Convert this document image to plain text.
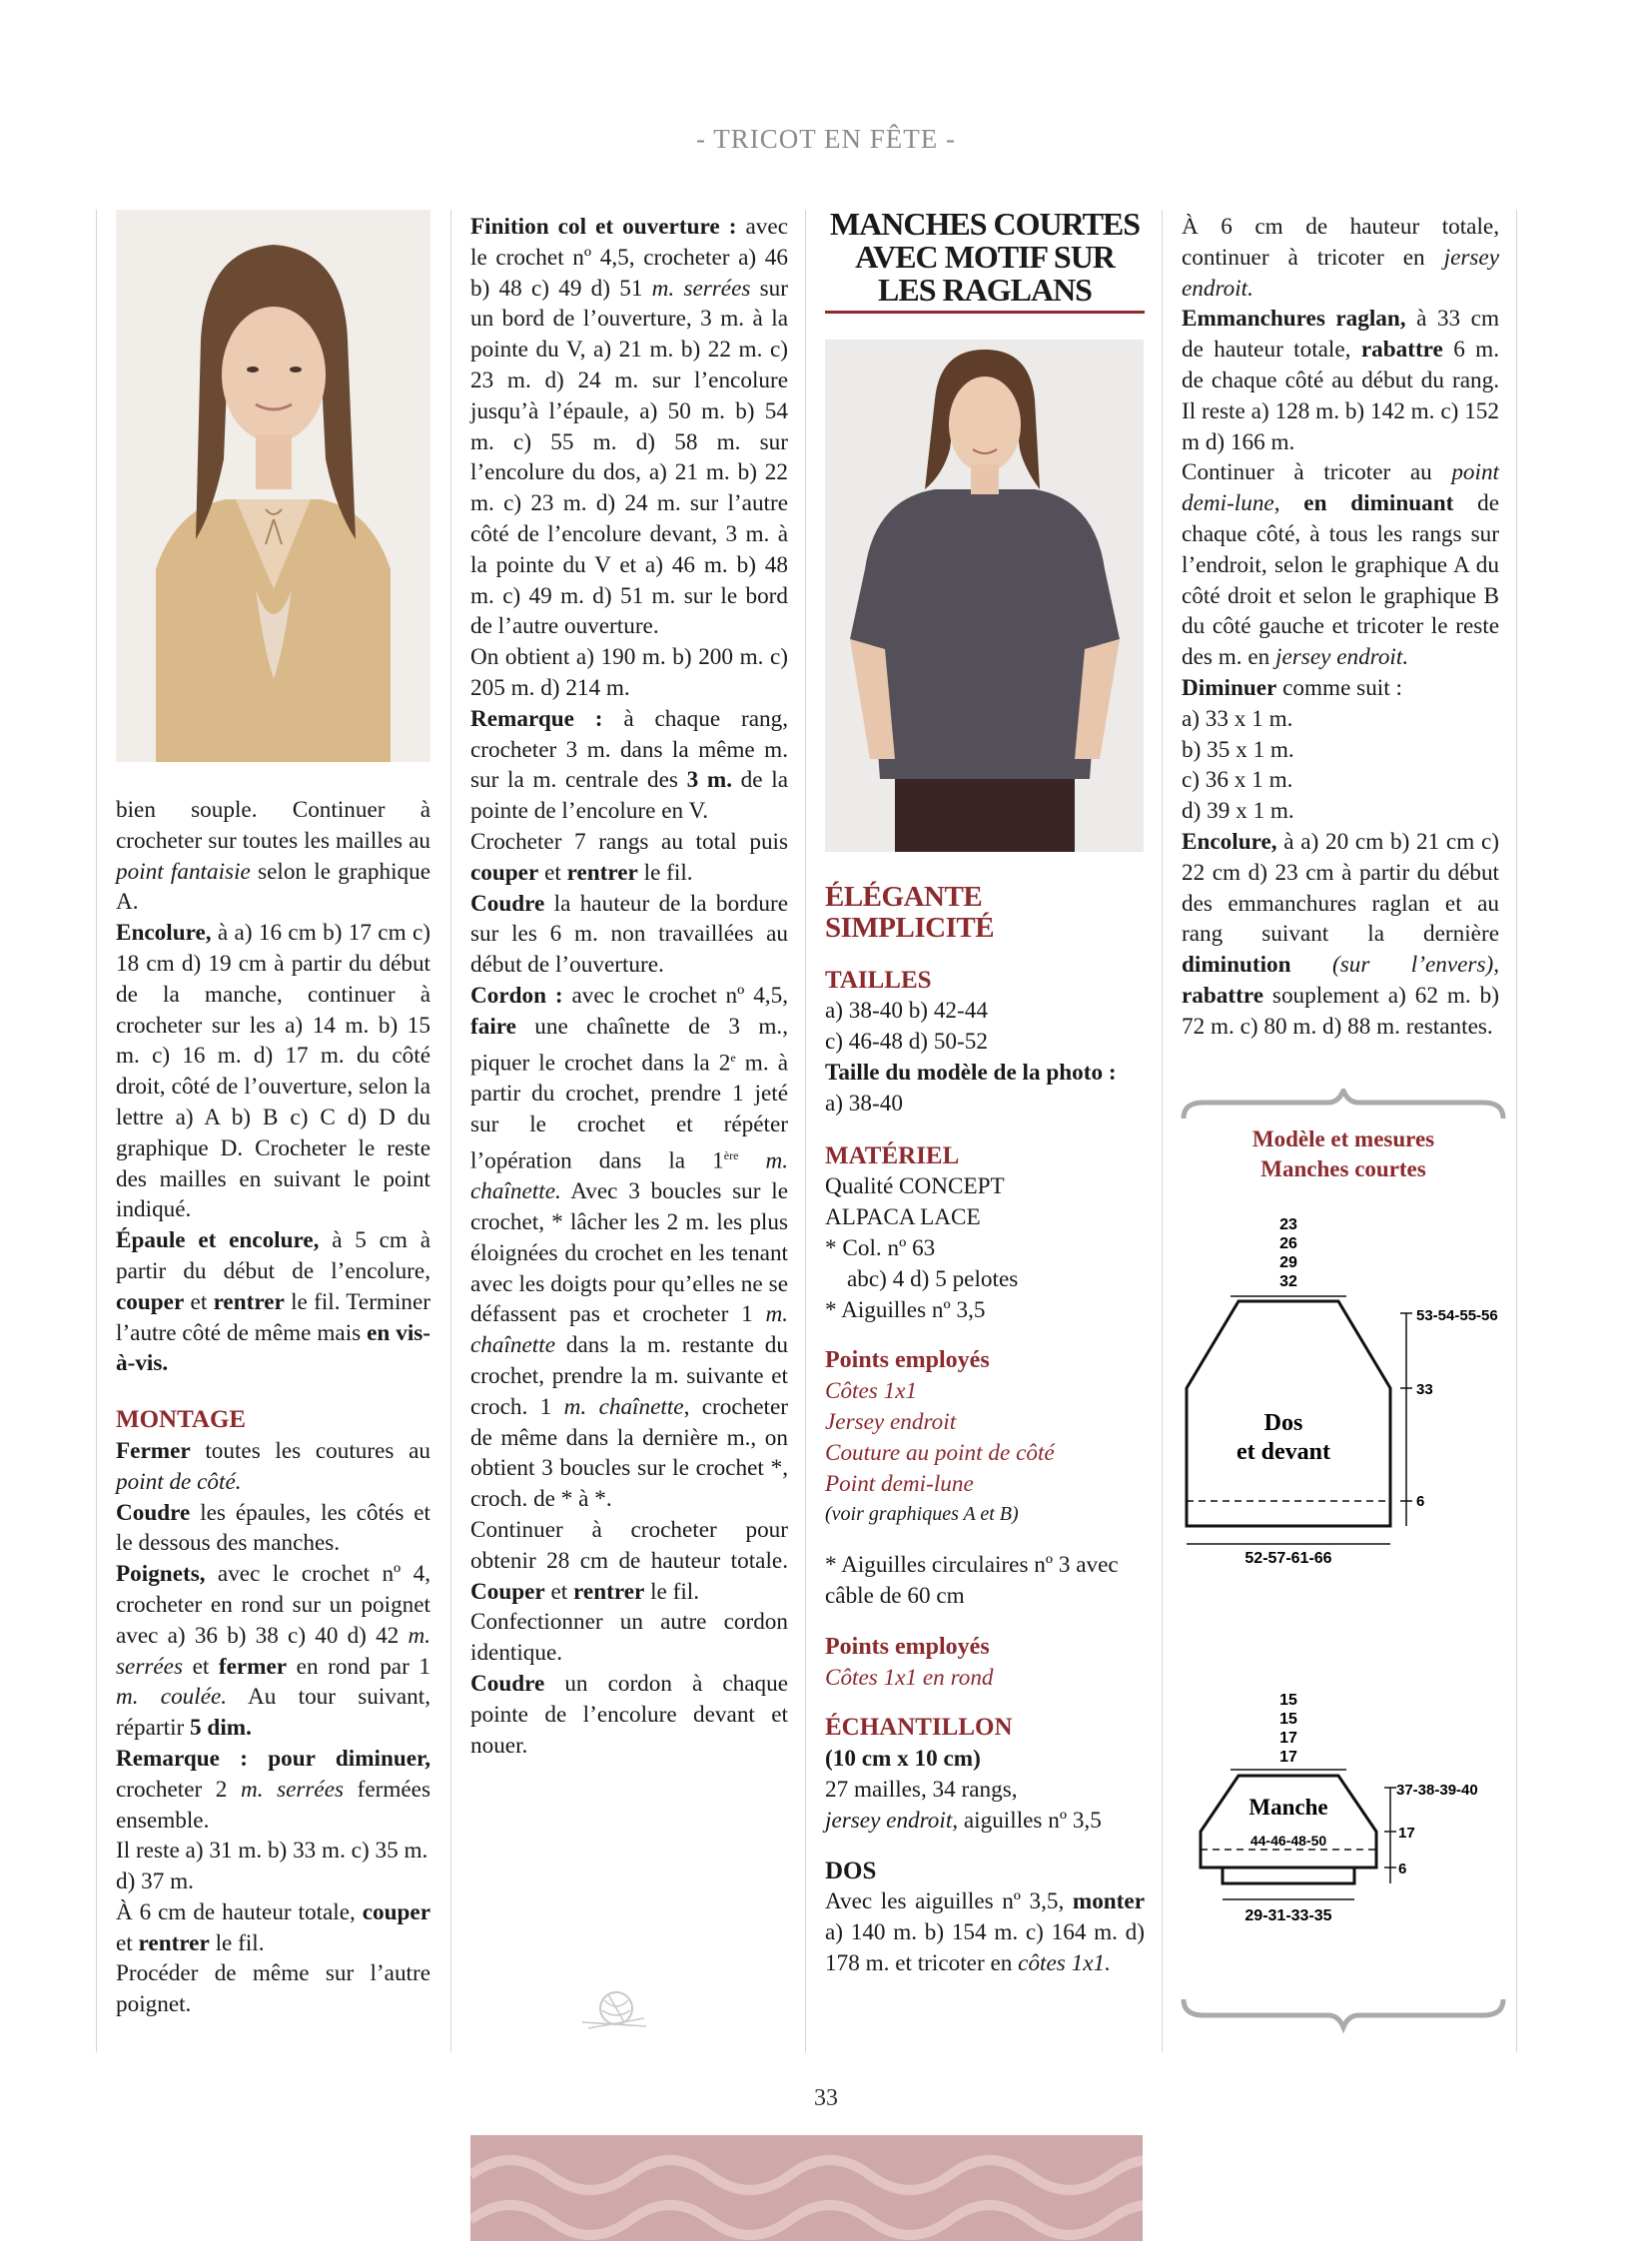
- TRICOT EN FÊTE -

bien souple. Continuer à crocheter sur toutes les mailles au point fantaisie selon le graphique A.

Encolure, à a) 16 cm b) 17 cm c) 18 cm d) 19 cm à partir du début de la manche, continuer à crocheter sur les a) 14 m. b) 15 m. c) 16 m. d) 17 m. du côté droit, côté de l’ouverture, selon la lettre a) A b) B c) C d) D du graphique D. Crocheter le reste des mailles en suivant le point indiqué.

Épaule et encolure, à 5 cm à partir du début de l’encolure, couper et rentrer le fil. Terminer l’autre côté de même mais en vis-à-vis.

MONTAGE

Fermer toutes les coutures au point de côté.

Coudre les épaules, les côtés et le dessous des manches.

Poignets, avec le crochet nº 4, crocheter en rond sur un poignet avec a) 36 b) 38 c) 40 d) 42 m. serrées et fermer en rond par 1 m. coulée. Au tour suivant, répartir 5 dim.

Remarque : pour diminuer, crocheter 2 m. serrées fermées ensemble.

Il reste a) 31 m. b) 33 m. c) 35 m. d) 37 m.

À 6 cm de hauteur totale, couper et rentrer le fil.

Procéder de même sur l’autre poignet.

Finition col et ouverture : avec le crochet nº 4,5, crocheter a) 46 b) 48 c) 49 d) 51 m. serrées sur un bord de l’ouverture, 3 m. à la pointe du V, a) 21 m. b) 22 m. c) 23 m. d) 24 m. sur l’encolure jusqu’à l’épaule, a) 50 m. b) 54 m. c) 55 m. d) 58 m. sur l’encolure du dos, a) 21 m. b) 22 m. c) 23 m. d) 24 m. sur l’autre côté de l’encolure devant, 3 m. à la pointe du V et a) 46 m. b) 48 m. c) 49 m. d) 51 m. sur le bord de l’autre ouverture.

On obtient a) 190 m. b) 200 m. c) 205 m. d) 214 m.

Remarque : à chaque rang, crocheter 3 m. dans la même m. sur la m. centrale des 3 m. de la pointe de l’encolure en V.

Crocheter 7 rangs au total puis couper et rentrer le fil.

Coudre la hauteur de la bordure sur les 6 m. non travaillées au début de l’ouverture.

Cordon : avec le crochet nº 4,5, faire une chaînette de 3 m., piquer le crochet dans la 2e m. à partir du crochet, prendre 1 jeté sur le crochet et répéter l’opération dans la 1ère m. chaînette. Avec 3 boucles sur le crochet, * lâcher les 2 m. les plus éloignées du crochet en les tenant avec les doigts pour qu’elles ne se défassent pas et crocheter 1 m. chaînette dans la m. restante du crochet, prendre la m. suivante et croch. 1 m. chaînette, crocheter de même dans la dernière m., on obtient 3 boucles sur le crochet *, croch. de * à *.

Continuer à crocheter pour obtenir 28 cm de hauteur totale. Couper et rentrer le fil.

Confectionner un autre cordon identique.

Coudre un cordon à chaque pointe de l’encolure devant et nouer.

MANCHES COURTES
AVEC MOTIF SUR
LES RAGLANS

ÉLÉGANTE SIMPLICITÉ

TAILLES

a) 38-40 b) 42-44

c) 46-48 d) 50-52

Taille du modèle de la photo :

a) 38-40

MATÉRIEL

Qualité CONCEPT

ALPACA LACE

* Col. nº 63

abc) 4 d) 5 pelotes

* Aiguilles nº 3,5

Points employés

Côtes 1x1

Jersey endroit

Couture au point de côté

Point demi-lune

(voir graphiques A et B)

* Aiguilles circulaires nº 3 avec câble de 60 cm

Points employés

Côtes 1x1 en rond

ÉCHANTILLON

(10 cm x 10 cm)

27 mailles, 34 rangs,

jersey endroit, aiguilles nº 3,5

DOS

Avec les aiguilles nº 3,5, monter a) 140 m. b) 154 m. c) 164 m. d) 178 m. et tricoter en côtes 1x1.

À 6 cm de hauteur totale, continuer à tricoter en jersey endroit.

Emmanchures raglan, à 33 cm de hauteur totale, rabattre 6 m. de chaque côté au début du rang. Il reste a) 128 m. b) 142 m. c) 152 m d) 166 m.

Continuer à tricoter au point demi-lune, en diminuant de chaque côté, à tous les rangs sur l’endroit, selon le graphique A du côté droit et selon le graphique B du côté gauche et tricoter le reste des m. en jersey endroit.

Diminuer comme suit :

a) 33 x 1 m.

b) 35 x 1 m.

c) 36 x 1 m.

d) 39 x 1 m.

Encolure, à a) 20 cm b) 21 cm c) 22 cm d) 23 cm à partir du début des emmanchures raglan et au rang suivant la dernière diminution (sur l’envers), rabattre souplement a) 62 m. b) 72 m. c) 80 m. d) 88 m. restantes.

Modèle et mesures
Manches courtes
23
26
29
32
Dos
et devant
53-54-55-56
33
6
52-57-61-66
15
15
17
17
Manche
44-46-48-50
37-38-39-40
17
6
29-31-33-35
33
